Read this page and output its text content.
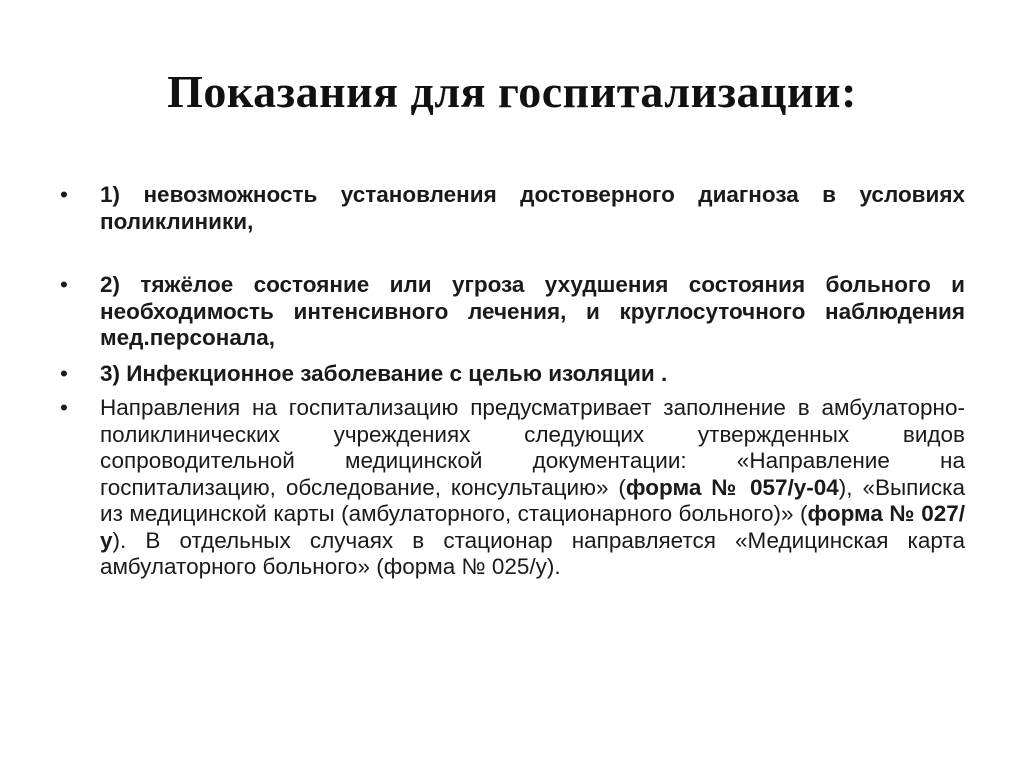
Показания для госпитализации:
•	1) невозможность установления достоверного диагноза в условиях поликлиники,
•	2) тяжёлое состояние или угроза ухудшения состояния больного и необходимость интенсивного лечения, и круглосуточного наблюдения мед.персонала,
•	3) Инфекционное заболевание с целью изоляции .
•	Направления на госпитализацию предусматривает заполнение в амбулаторно-поликлинических учреждениях следующих утвержденных видов сопроводительной медицинской документации: «Направление на госпитализацию, обследование, консультацию» (форма № 057/у-04), «Выписка из медицинской карты (амбулаторного, стационарного больного)» (форма № 027/у). В отдельных случаях в стационар направляется «Медицинская карта амбулаторного больного» (форма № 025/у).
